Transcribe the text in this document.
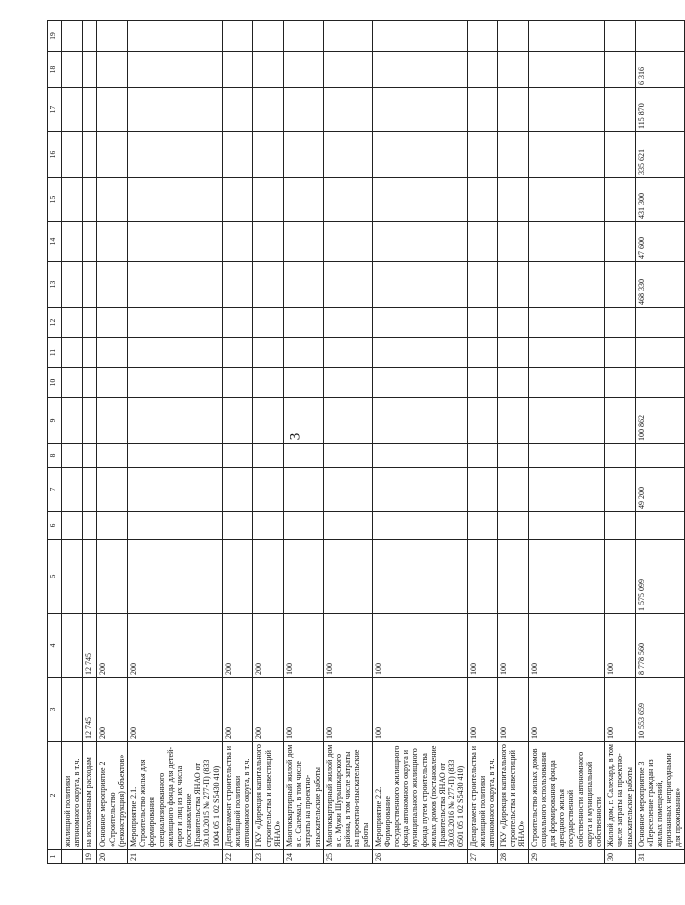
3
1	2	3	4	5	6	7	8	9	10	11	12	13	14	15	16	17	18	19
	жилищной политики автономного округа, в т.ч.																	
19	на исполненным расходам	12 745	12 745															
20	Основное мероприятие 2 «Строительство (реконструкция) объектов»	200	200															
21	Мероприятие 2.1. Строительство жилья для формирования специализированного жилищного фонда для детей-сирот и лиц из их числа (постановление Правительства ЯНАО от 30.10.2015 № 277-П) (833 1004 05 1 02 S5430 410)	200	200															
22	Департамент строительства и жилищной политики автономного округа, в т.ч.	200	200															
23	ГКУ «Дирекция капитального строительства и инвестиций ЯНАО»	200	200															
24	Многоквартирный жилой дом в с. Салемал, в том числе затраты на проектно-изыскательские работы	100	100															
25	Многоквартирный жилой дом в с. Мужи Шурышкарского района, в том числе затраты на проектно-изыскательские работы	100	100															
26	Мероприятие 2.2. Формирование государственного жилищного фонда автономного округа и муниципального жилищного фонда путем строительства жилых домов (постановление Правительства ЯНАО от 30.03.2016 № 277-П) (833 0501 05 1 02 S5430 410)	100	100															
27	Департамент строительства и жилищной политики автономного округа, в т.ч.	100	100															
28	ГКУ «Дирекция капитального строительства и инвестиций ЯНАО»	100	100															
29	Строительство жилых домов социального использования для формирования фонда арендного жилья государственной собственности автономного округа и муниципальной собственности	100	100															
30	Жилой дом, г. Салехард, в том числе затраты на проектно-изыскательские работы	100	100															
31	Основное мероприятие 3 «Переселение граждан из жилых помещений, признанных непригодными для проживания»	10 553 659	8 778 560	1 575 099		49 200		100 862				468 330	47 600	431 300	335 621	115 870	6 316	
